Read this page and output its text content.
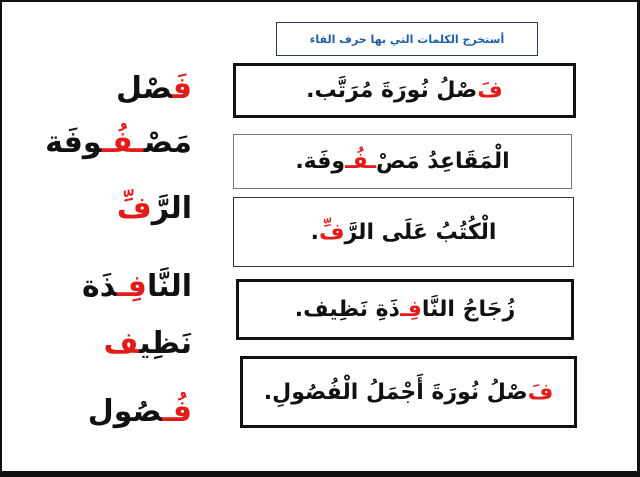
أستخرج الكلمات التي بها حرف الفاء
فَ
صْلُ نُورَةَ مُرَتَّب.
الْمَقَاعِدُ مَصْ
ـفُـ
وفَة.
الْكُتُبُ عَلَى الرَّ
فِّ
.
زُجَاجُ النَّا
فِـ
ذَةِ نَظِيف.
فَ
صْلُ نُورَةَ أَجْمَلُ الْفُصُولِ.
فَصْل
مَصْـفُـوفَة
الرَّفِّ
النَّافِـذَة
نَظِيف
فُـصُول
